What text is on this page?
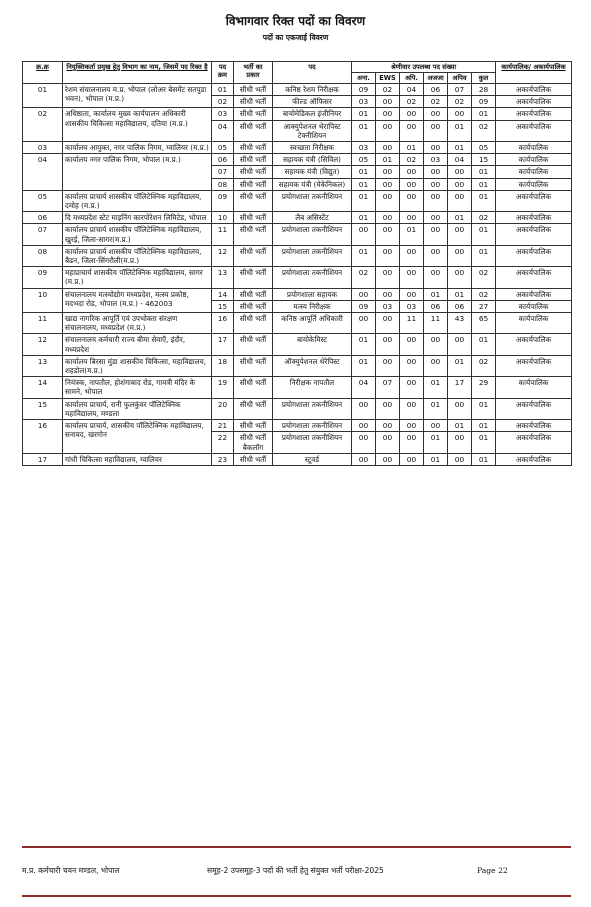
विभागवार रिक्त पदों का विवरण
पदों का एकजाई विवरण
क्र.क्र	नियुक्तिकर्ता प्रमुख हेतु विभाग का नाम, जिसमें पद रिक्त है	पद क्रम	भर्ती का प्रकार	पद	श्रेणीवार उपलब्ध पद संख्या						कार्यपालिक/ अकार्यपालिक
					अना.	EWS	अपि.	अजजा	अपिव	कुल	
01	रेशम संचालनालय म.प्र. भोपाल (लोअर बेसमेंट सतपुडा भवन), भोपाल (म.प्र.)	01	सीधी भर्ती	कनिष्ठ रेशम निरीक्षक	09	02	04	06	07	28	अकार्यपालिक
		02	सीधी भर्ती	फील्ड ऑफिसर	03	00	02	02	02	09	अकार्यपालिक
02	अधिष्ठाता, कार्यालय मुख्य कार्यपालन अधिकारी शासकीय चिकित्सा महाविद्यालय, दतिया (म.प्र.)	03	सीधी भर्ती	बायोमेडिकल इंजीनियर	01	00	00	00	00	01	अकार्यपालिक
		04	सीधी भर्ती	आक्युपेशनल थेरापिस्ट टेक्नीशियन	01	00	00	00	01	02	अकार्यपालिक
03	कार्यालय आयुक्त, नगर पालिक निगम, ग्वालियर (म.प्र.)	05	सीधी भर्ती	स्वच्छता निरीक्षक	03	00	01	00	01	05	कार्यपालिक
04	कार्यालय नगर पालिक निगम, भोपाल (म.प्र.)	06	सीधी भर्ती	सहायक यंत्री (सिविल)	05	01	02	03	04	15	कार्यपालिक
		07	सीधी भर्ती	सहायक यंत्री (विद्युत)	01	00	00	00	00	01	कार्यपालिक
		08	सीधी भर्ती	सहायक यंत्री (मेकेनिकल)	01	00	00	00	00	01	कार्यपालिक
05	कार्यालय प्राचार्य शासकीय पॉलिटेक्निक महाविद्यालय, दमोह (म.प्र.)	09	सीधी भर्ती	प्रयोगशाला तकनीशियन	01	00	00	00	00	01	अकार्यपालिक
06	दि मध्यप्रदेश स्टेट माइनिंग कारपोरेशन लिमिटेड, भोपाल	10	सीधी भर्ती	लैब असिस्टेंट	01	00	00	00	01	02	अकार्यपालिक
07	कार्यालय प्राचार्य शासकीय पॉलिटेक्निक महाविद्यालय, खुरई, जिला-सागर(म.प्र.)	11	सीधी भर्ती	प्रयोगशाला तकनीशियन	00	00	01	00	00	01	अकार्यपालिक
08	कार्यालय प्राचार्य शासकीय पॉलिटेक्निक महाविद्यालय, बैढन, जिला-सिंगरौली(म.प्र.)	12	सीधी भर्ती	प्रयोगशाला तकनीशियन	01	00	00	00	00	01	अकार्यपालिक
09	महाप्राचार्य शासकीय पॉलिटेक्निक महाविद्यालय, सागर (म.प्र.)	13	सीधी भर्ती	प्रयोगशाला तकनीशियन	02	00	00	00	00	02	अकार्यपालिक
10	संचालनालय मत्स्योद्योग मध्यप्रदेश, मत्स्य प्रकोष्ठ, मदभदा रोड, भोपाल (म.प्र.) - 462003	14	सीधी भर्ती	प्रयोगशाला सहायक	00	00	00	01	01	02	अकार्यपालिक
		15	सीधी भर्ती	मत्स्य निरीक्षक	09	03	03	06	06	27	कार्यपालिक
11	खाद्य नागरिक आपूर्ति एवं उपभोक्ता संरक्षण संचालनालय, मध्यप्रदेश (म.प्र.)	16	सीधी भर्ती	कनिष्ठ आपूर्ति अधिकारी	00	00	11	11	43	65	कार्यपालिक
12	संचालनालय कर्मचारी राज्य बीमा सेवाएँ, इंदौर, मध्यप्रदेश	17	सीधी भर्ती	बायोकेमिस्ट	01	00	00	00	00	01	अकार्यपालिक
13	कार्यालय बिरसा मुंडा शासकीय चिकित्सा, महाविद्यालय, शहडोल(म.प्र.)	18	सीधी भर्ती	ऑक्युपेशनल थेरेपिस्ट	01	00	00	00	01	02	अकार्यपालिक
14	नियंत्रक, नापतौल, होशंगाबाद रोड, गायत्री मंदिर के सामने, भोपाल	19	सीधी भर्ती	निरीक्षक नापतौल	04	07	00	01	17	29	कार्यपालिक
15	कार्यालय प्राचार्य, रानी फुलकुंवर पॉलिटेक्निक महाविद्यालय, मण्डला	20	सीधी भर्ती	प्रयोगशाला तकनीशियन	00	00	00	01	00	01	अकार्यपालिक
16	कार्यालय प्राचार्य, शासकीय पॉलिटेक्निक महाविद्यालय, सनावद, खरगोन	21	सीधी भर्ती	प्रयोगशाला तकनीशियन	00	00	00	00	01	01	अकार्यपालिक
		22	सीधी भर्ती बैकलॉग	प्रयोगशाला तकनीशियन	00	00	00	01	00	01	अकार्यपालिक
17	गांधी चिकित्सा महाविद्यालय, ग्वालियर	23	सीधी भर्ती	स्टूवर्ड	00	00	00	01	00	01	अकार्यपालिक
म.प्र. कर्मचारी चयन मण्डल, भोपाल	समूह-2 उपसमूह-3 पदों की भर्ती हेतु संयुक्त भर्ती परीक्षा-2025	Page 22
